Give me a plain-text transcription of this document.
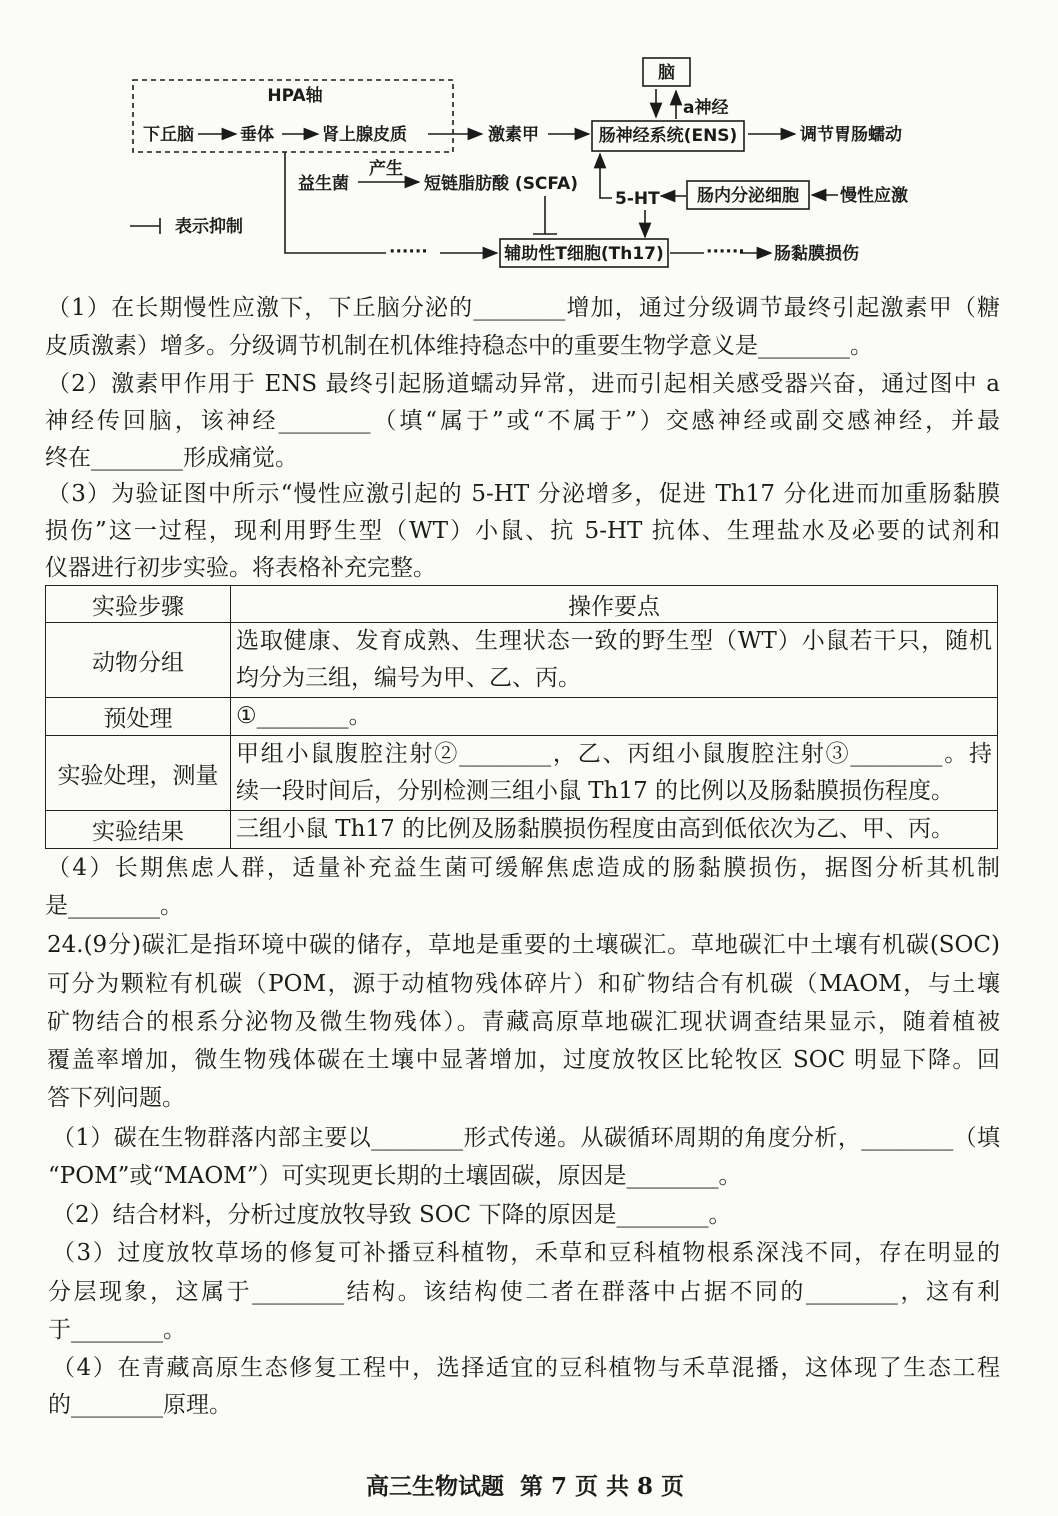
脑
a神经
HPA轴
下丘脑	垂体	肾上腺皮质	激素甲	肠神经系统(ENS)	调节胃肠蠕动
益生菌
产生
短链脂肪酸 (SCFA)
5-HT 肠内分泌细胞 慢性应激
表示抑制
······	辅助性T细胞(Th17) ······ 肠黏膜损伤
（1）在长期慢性应激下，下丘脑分泌的________增加，通过分级调节最终引起激素甲（糖
皮质激素）增多。分级调节机制在机体维持稳态中的重要生物学意义是________。
（2）激素甲作用于 ENS 最终引起肠道蠕动异常，进而引起相关感受器兴奋，通过图中 a
神经传回脑，该神经________（填“属于”或“不属于”）交感神经或副交感神经，并最
终在________形成痛觉。
（3）为验证图中所示“慢性应激引起的 5-HT 分泌增多，促进 Th17 分化进而加重肠黏膜
损伤”这一过程，现利用野生型（WT）小鼠、抗 5-HT 抗体、生理盐水及必要的试剂和
仪器进行初步实验。将表格补充完整。
实验步骤	操作要点
动物分组	选取健康、发育成熟、生理状态一致的野生型（WT）小鼠若干只，随机
均分为三组，编号为甲、乙、丙。

预处理	①________。

实验处理，测量	甲组小鼠腹腔注射②________，乙、丙组小鼠腹腔注射③________。持
续一段时间后，分别检测三组小鼠 Th17 的比例以及肠黏膜损伤程度。

实验结果	三组小鼠 Th17 的比例及肠黏膜损伤程度由高到低依次为乙、甲、丙。
（4）长期焦虑人群，适量补充益生菌可缓解焦虑造成的肠黏膜损伤，据图分析其机制
是________。
24.(9分)碳汇是指环境中碳的储存，草地是重要的土壤碳汇。草地碳汇中土壤有机碳(SOC)
可分为颗粒有机碳（POM，源于动植物残体碎片）和矿物结合有机碳（MAOM，与土壤
矿物结合的根系分泌物及微生物残体）。青藏高原草地碳汇现状调查结果显示，随着植被
覆盖率增加，微生物残体碳在土壤中显著增加，过度放牧区比轮牧区 SOC 明显下降。回
答下列问题。
（1）碳在生物群落内部主要以________形式传递。从碳循环周期的角度分析，________（填
“POM”或“MAOM”）可实现更长期的土壤固碳，原因是________。
（2）结合材料，分析过度放牧导致 SOC 下降的原因是________。
（3）过度放牧草场的修复可补播豆科植物，禾草和豆科植物根系深浅不同，存在明显的
分层现象，这属于________结构。该结构使二者在群落中占据不同的________，这有利
于________。
（4）在青藏高原生态修复工程中，选择适宜的豆科植物与禾草混播，这体现了生态工程
的________原理。
高三生物试题  第 7 页 共 8 页
